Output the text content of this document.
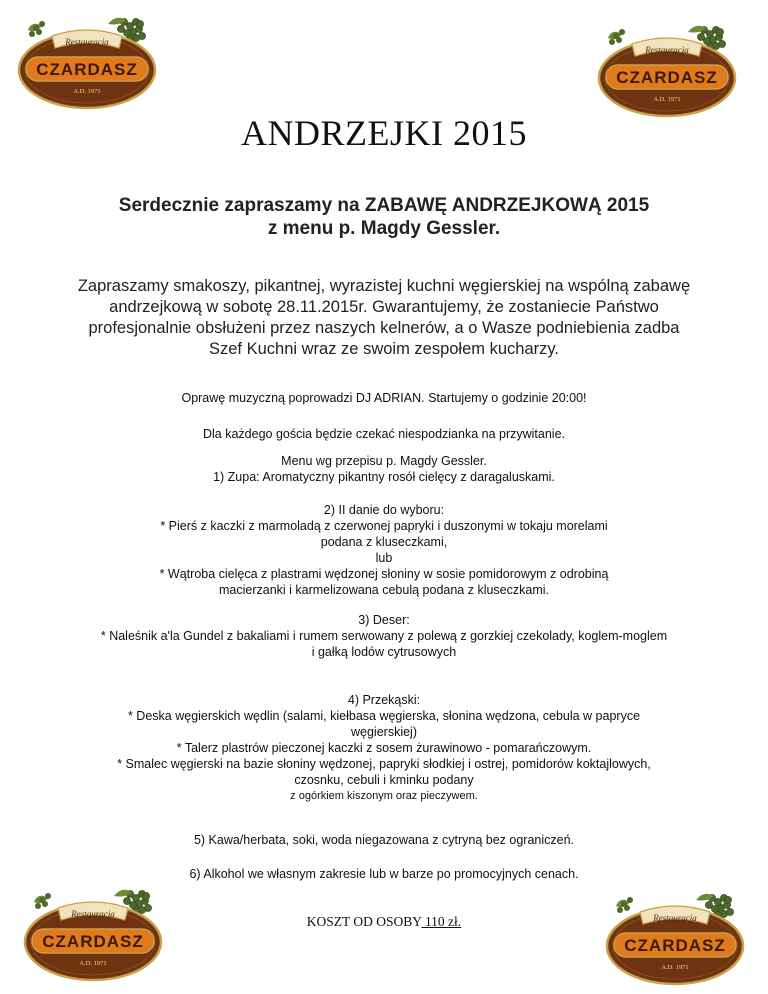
Restauracja
CZARDASZ
A.D. 1971
Restauracja
CZARDASZ
A.D. 1971
Restauracja
CZARDASZ
A.D. 1971
Restauracja
CZARDASZ
A.D. 1971
ANDRZEJKI 2015
Serdecznie zapraszamy na ZABAWĘ ANDRZEJKOWĄ 2015
z menu p. Magdy Gessler.
Zapraszamy smakoszy, pikantnej, wyrazistej kuchni węgierskiej na wspólną zabawę
andrzejkową w sobotę 28.11.2015r. Gwarantujemy, że zostaniecie Państwo
profesjonalnie obsłużeni przez naszych kelnerów, a o Wasze podniebienia zadba
Szef Kuchni wraz ze swoim zespołem kucharzy.
Oprawę muzyczną poprowadzi DJ ADRIAN. Startujemy o godzinie 20:00!
Dla każdego gościa będzie czekać niespodzianka na przywitanie.
Menu wg przepisu p. Magdy Gessler.
1) Zupa: Aromatyczny pikantny rosół cielęcy z daragaluskami.
2) II danie do wyboru:
* Pierś z kaczki z marmoladą z czerwonej papryki i duszonymi w tokaju morelami
podana z kluseczkami,
lub
* Wątroba cielęca z plastrami wędzonej słoniny w sosie pomidorowym z odrobiną
macierzanki i karmelizowana cebulą podana z kluseczkami.
3) Deser:
* Naleśnik a'la Gundel z bakaliami i rumem serwowany z polewą z gorzkiej czekolady, koglem-moglem
i gałką lodów cytrusowych
4) Przekąski:
* Deska węgierskich wędlin (salami, kiełbasa węgierska, słonina wędzona, cebula w papryce
węgierskiej)
* Talerz plastrów pieczonej kaczki z sosem żurawinowo - pomarańczowym.
* Smalec węgierski na bazie słoniny wędzonej, papryki słodkiej i ostrej, pomidorów koktajlowych,
czosnku, cebuli i kminku podany
z ogórkiem kiszonym oraz pieczywem.
5) Kawa/herbata, soki, woda niegazowana z cytryną bez ograniczeń.
6) Alkohol we własnym zakresie lub w barze po promocyjnych cenach.
KOSZT OD OSOBY 110 zł.
